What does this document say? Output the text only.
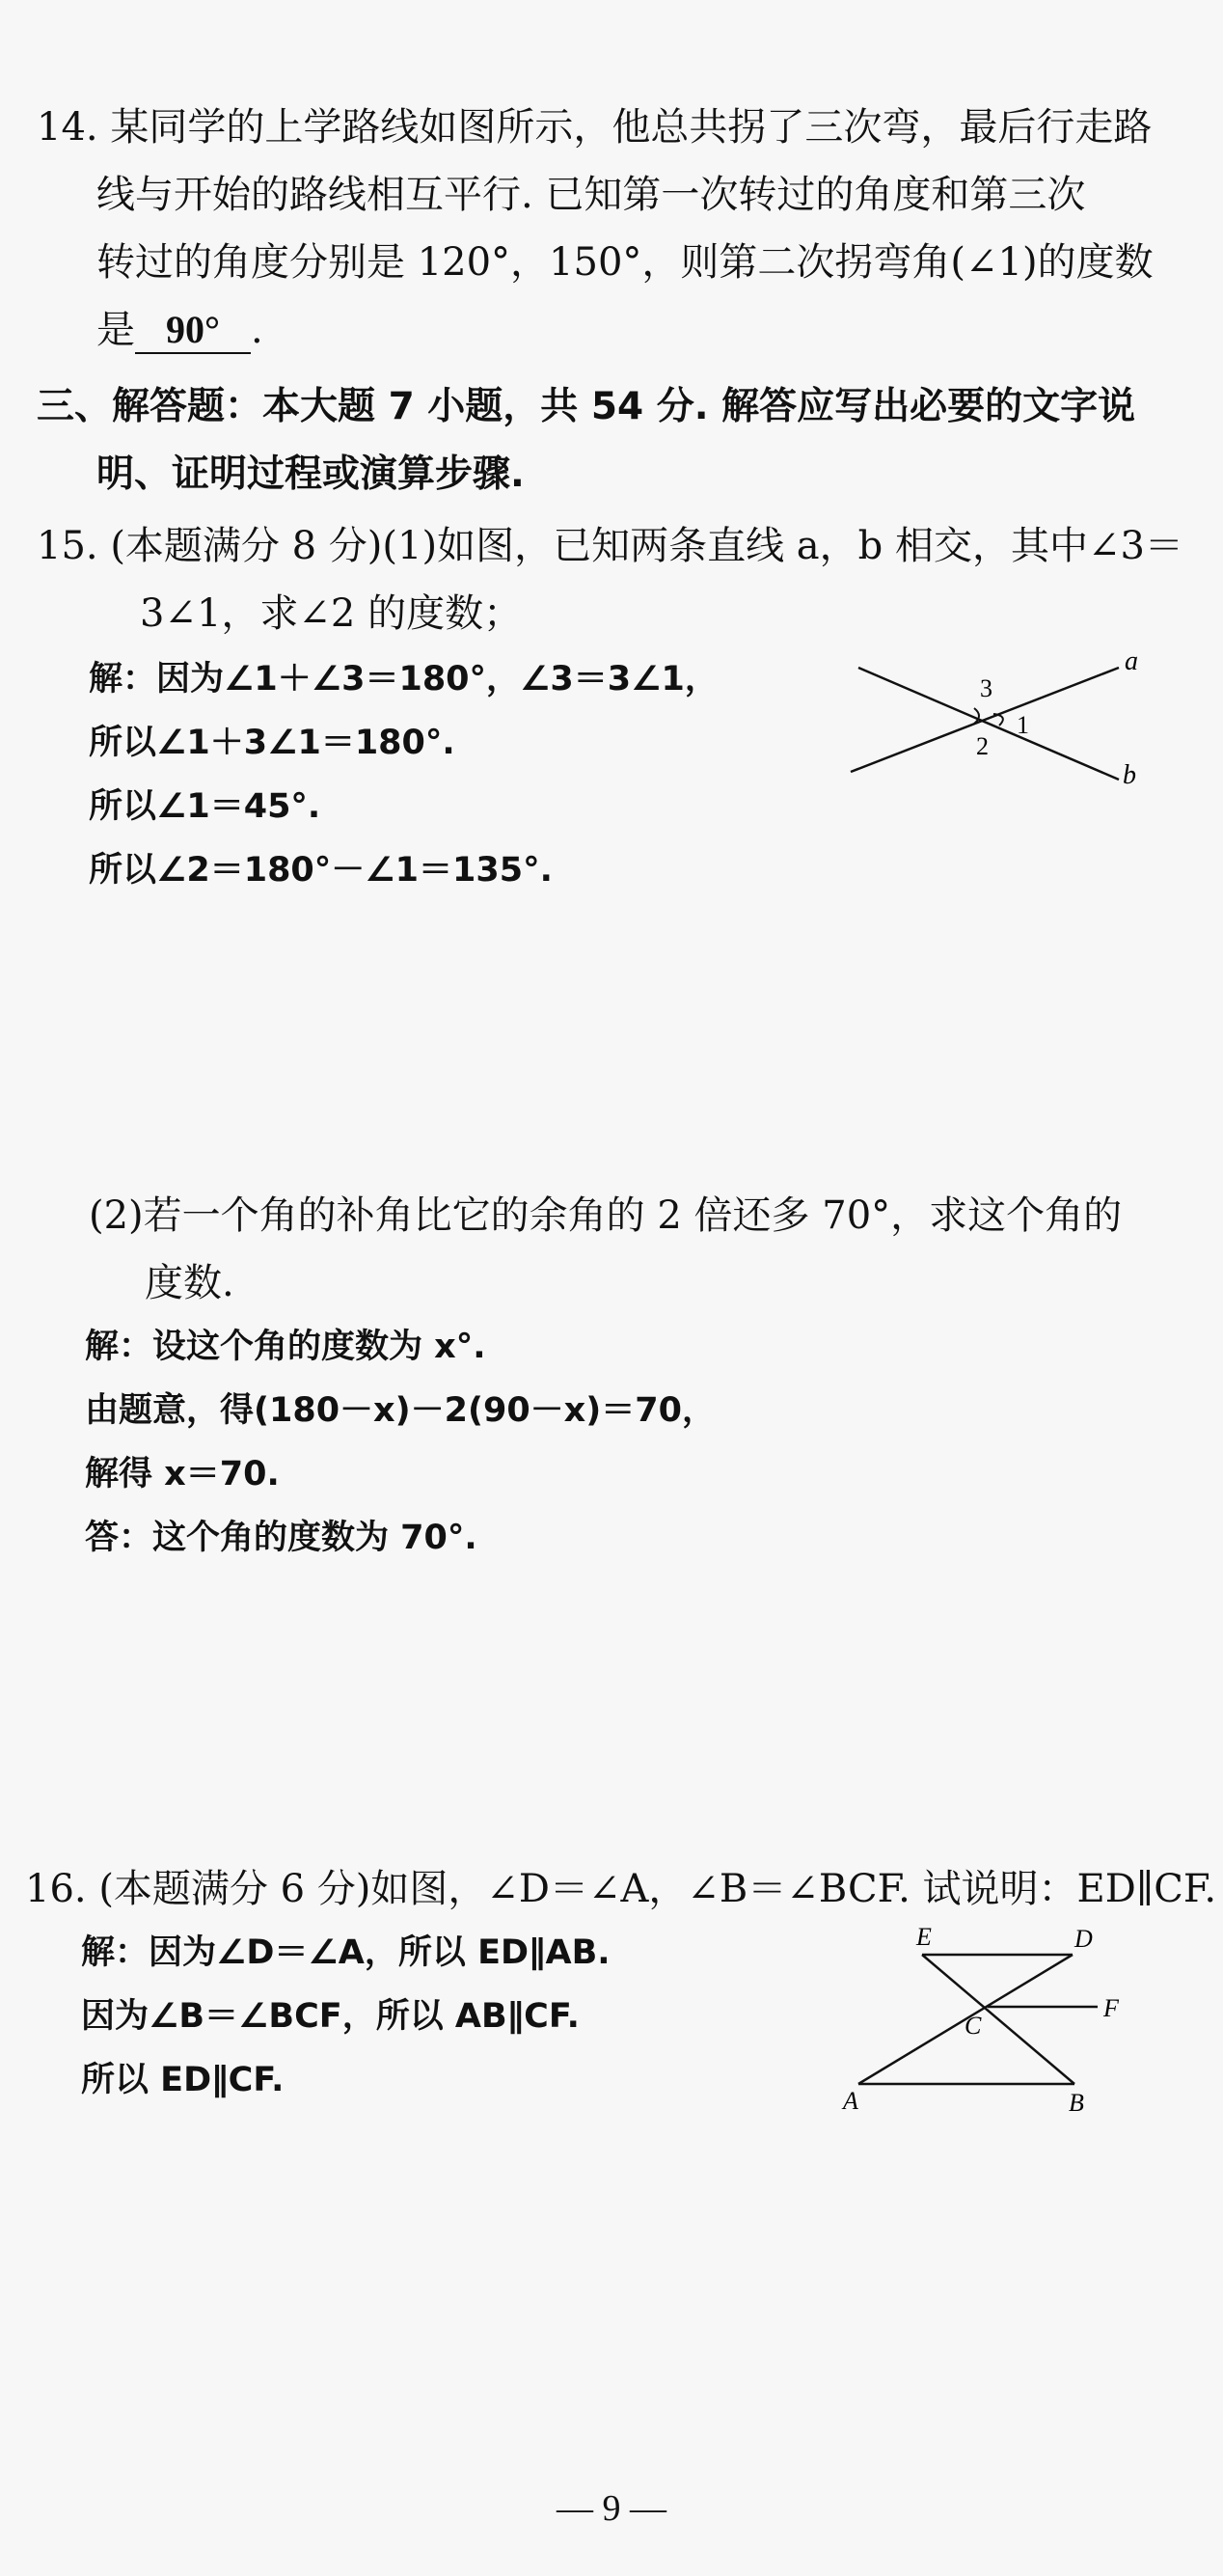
14. 某同学的上学路线如图所示，他总共拐了三次弯，最后行走路
线与开始的路线相互平行. 已知第一次转过的角度和第三次
转过的角度分别是 120°，150°，则第二次拐弯角(∠1)的度数
是 90° .
三、解答题：本大题 7 小题，共 54 分. 解答应写出必要的文字说
明、证明过程或演算步骤.
15. (本题满分 8 分)(1)如图，已知两条直线 a，b 相交，其中∠3＝
3∠1，求∠2 的度数；
解：因为∠1＋∠3＝180°，∠3＝3∠1，
所以∠1＋3∠1＝180°.
所以∠1＝45°.
所以∠2＝180°－∠1＝135°.
3
1
2
a
b
(2)若一个角的补角比它的余角的 2 倍还多 70°，求这个角的
度数.
解：设这个角的度数为 x°.
由题意，得(180－x)－2(90－x)＝70，
解得 x＝70.
答：这个角的度数为 70°.
16. (本题满分 6 分)如图，∠D＝∠A，∠B＝∠BCF. 试说明：ED∥CF.
解：因为∠D＝∠A，所以 ED∥AB.
因为∠B＝∠BCF，所以 AB∥CF.
所以 ED∥CF.
E	D
C
F
A	B
— 9 —
